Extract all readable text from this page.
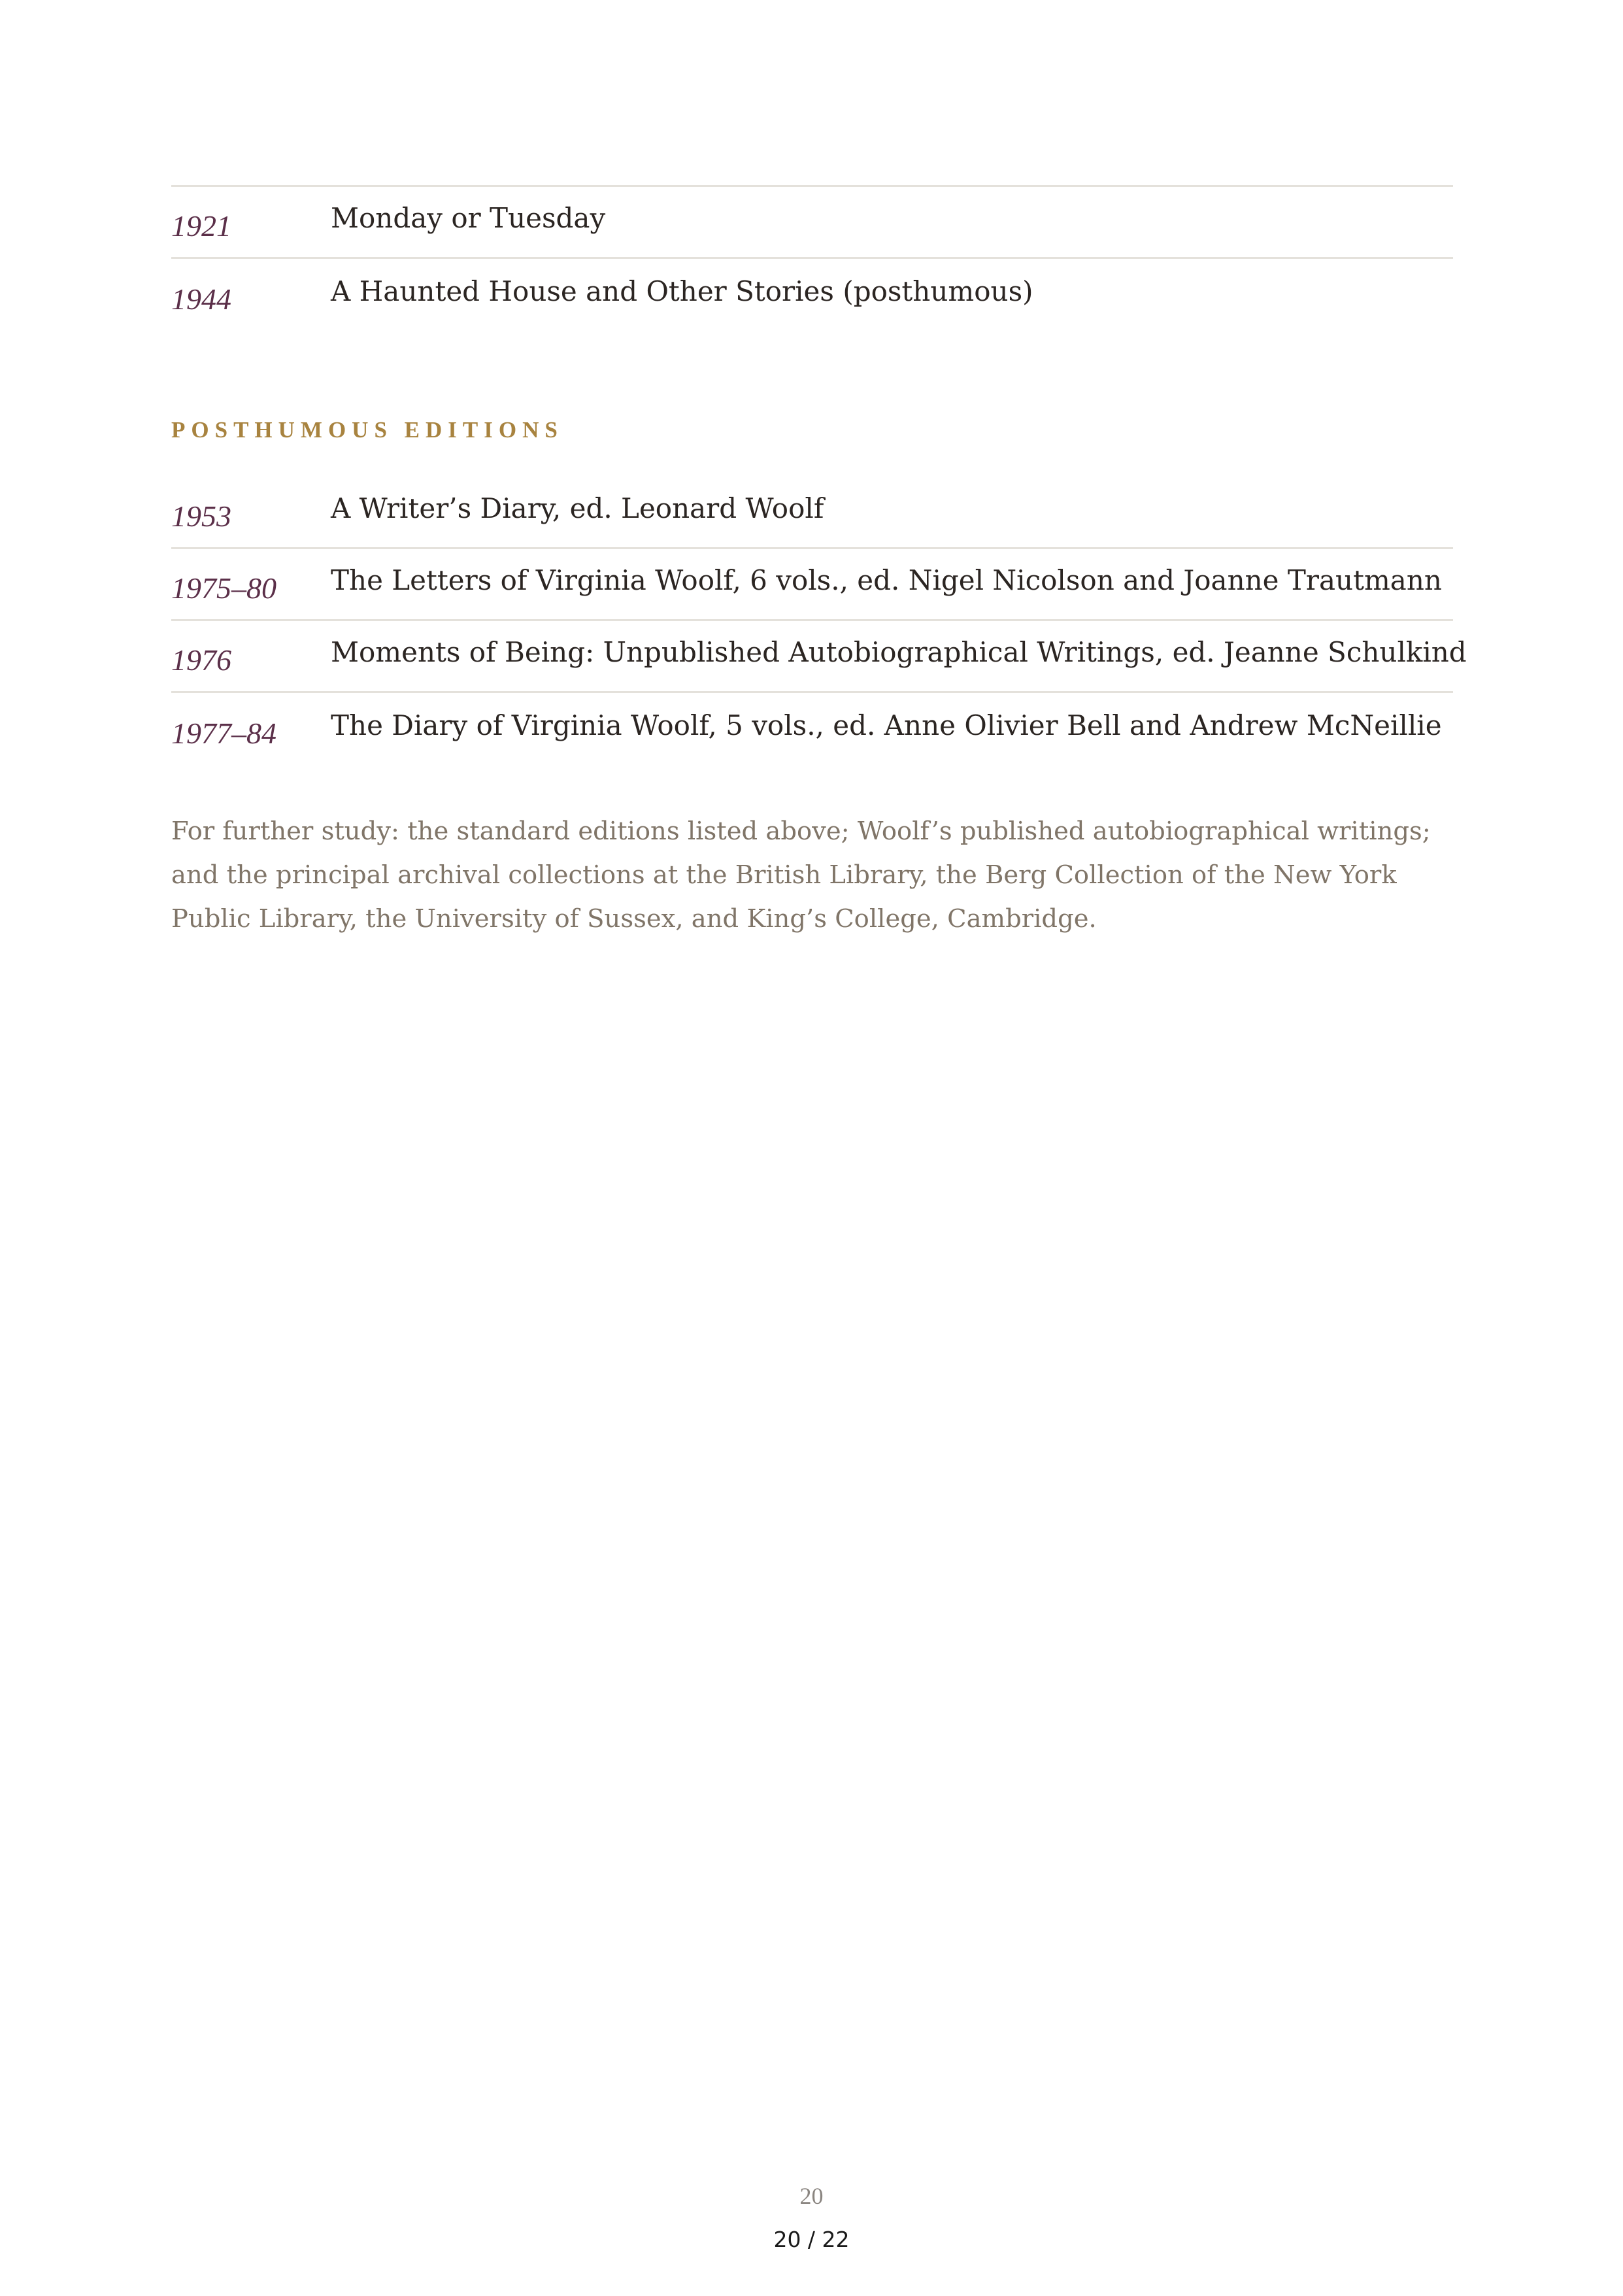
1921	Monday or Tuesday
1944	A Haunted House and Other Stories (posthumous)
POSTHUMOUS EDITIONS
1953	A Writer’s Diary, ed. Leonard Woolf
1975–80	The Letters of Virginia Woolf, 6 vols., ed. Nigel Nicolson and Joanne Trautmann
1976	Moments of Being: Unpublished Autobiographical Writings, ed. Jeanne Schulkind
1977–84	The Diary of Virginia Woolf, 5 vols., ed. Anne Olivier Bell and Andrew McNeillie

For further study: the standard editions listed above; Woolf’s published autobiographical writings; and the principal archival collections at the British Library, the Berg Collection of the New York Public Library, the University of Sussex, and King’s College, Cambridge.

20
20 / 22
